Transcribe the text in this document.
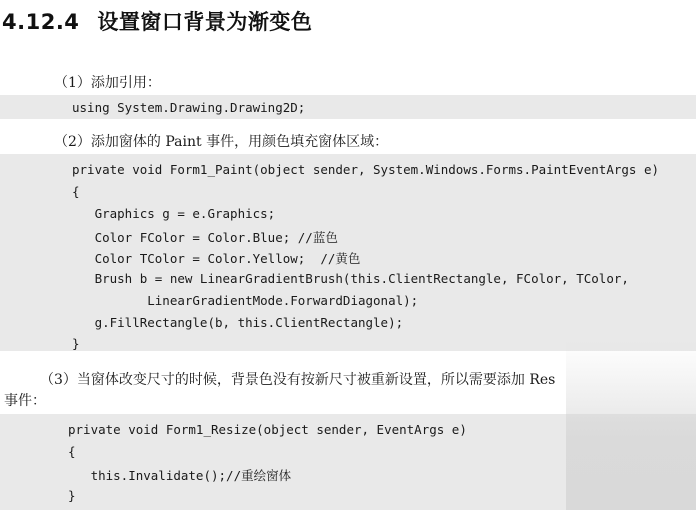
4.12.4 设置窗口背景为渐变色
（1）添加引用：
using System.Drawing.Drawing2D;
（2）添加窗体的 Paint 事件，用颜色填充窗体区域：
private void Form1_Paint(object sender, System.Windows.Forms.PaintEventArgs e)
{
Graphics g = e.Graphics;
Color FColor = Color.Blue; //蓝色
Color TColor = Color.Yellow;  //黄色
Brush b = new LinearGradientBrush(this.ClientRectangle, FColor, TColor,
LinearGradientMode.ForwardDiagonal);
g.FillRectangle(b, this.ClientRectangle);
}
（3）当窗体改变尺寸的时候，背景色没有按新尺寸被重新设置，所以需要添加 Res
事件：
private void Form1_Resize(object sender, EventArgs e)
{
this.Invalidate();//重绘窗体
}
